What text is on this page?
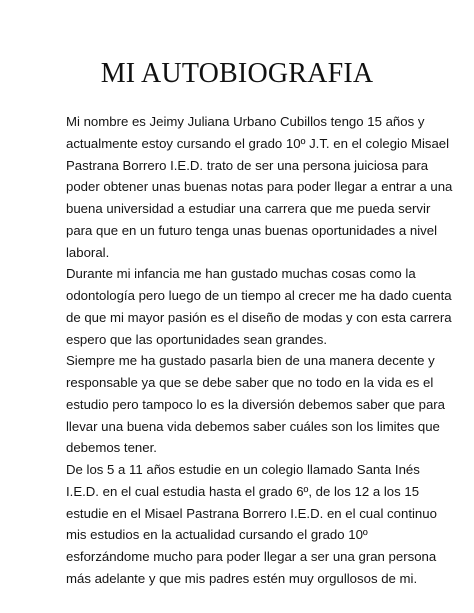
MI AUTOBIOGRAFIA

Mi nombre es Jeimy Juliana Urbano Cubillos tengo 15 años y
actualmente estoy cursando el grado 10º J.T. en el colegio Misael
Pastrana Borrero I.E.D. trato de ser una persona juiciosa para
poder obtener unas buenas notas para poder llegar a entrar a una
buena universidad a estudiar una carrera que me pueda servir
para que en un futuro tenga unas buenas oportunidades a nivel
laboral.

Durante mi infancia me han gustado muchas cosas como la
odontología pero luego de un tiempo al crecer me ha dado cuenta
de que mi mayor pasión es el diseño de modas y con esta carrera
espero que las oportunidades sean grandes.

Siempre me ha gustado pasarla bien de una manera decente y
responsable ya que se debe saber que no todo en la vida es el
estudio pero tampoco lo es la diversión debemos saber que para
llevar una buena vida debemos saber cuáles son los limites que
debemos tener.

De los 5 a 11 años estudie en un colegio llamado Santa Inés
I.E.D. en el cual estudia hasta el grado 6º, de los 12 a los 15
estudie en el Misael Pastrana Borrero I.E.D. en el cual continuo
mis estudios en la actualidad cursando el grado 10º
esforzándome mucho para poder llegar a ser una gran persona
más adelante y que mis padres estén muy orgullosos de mi.
